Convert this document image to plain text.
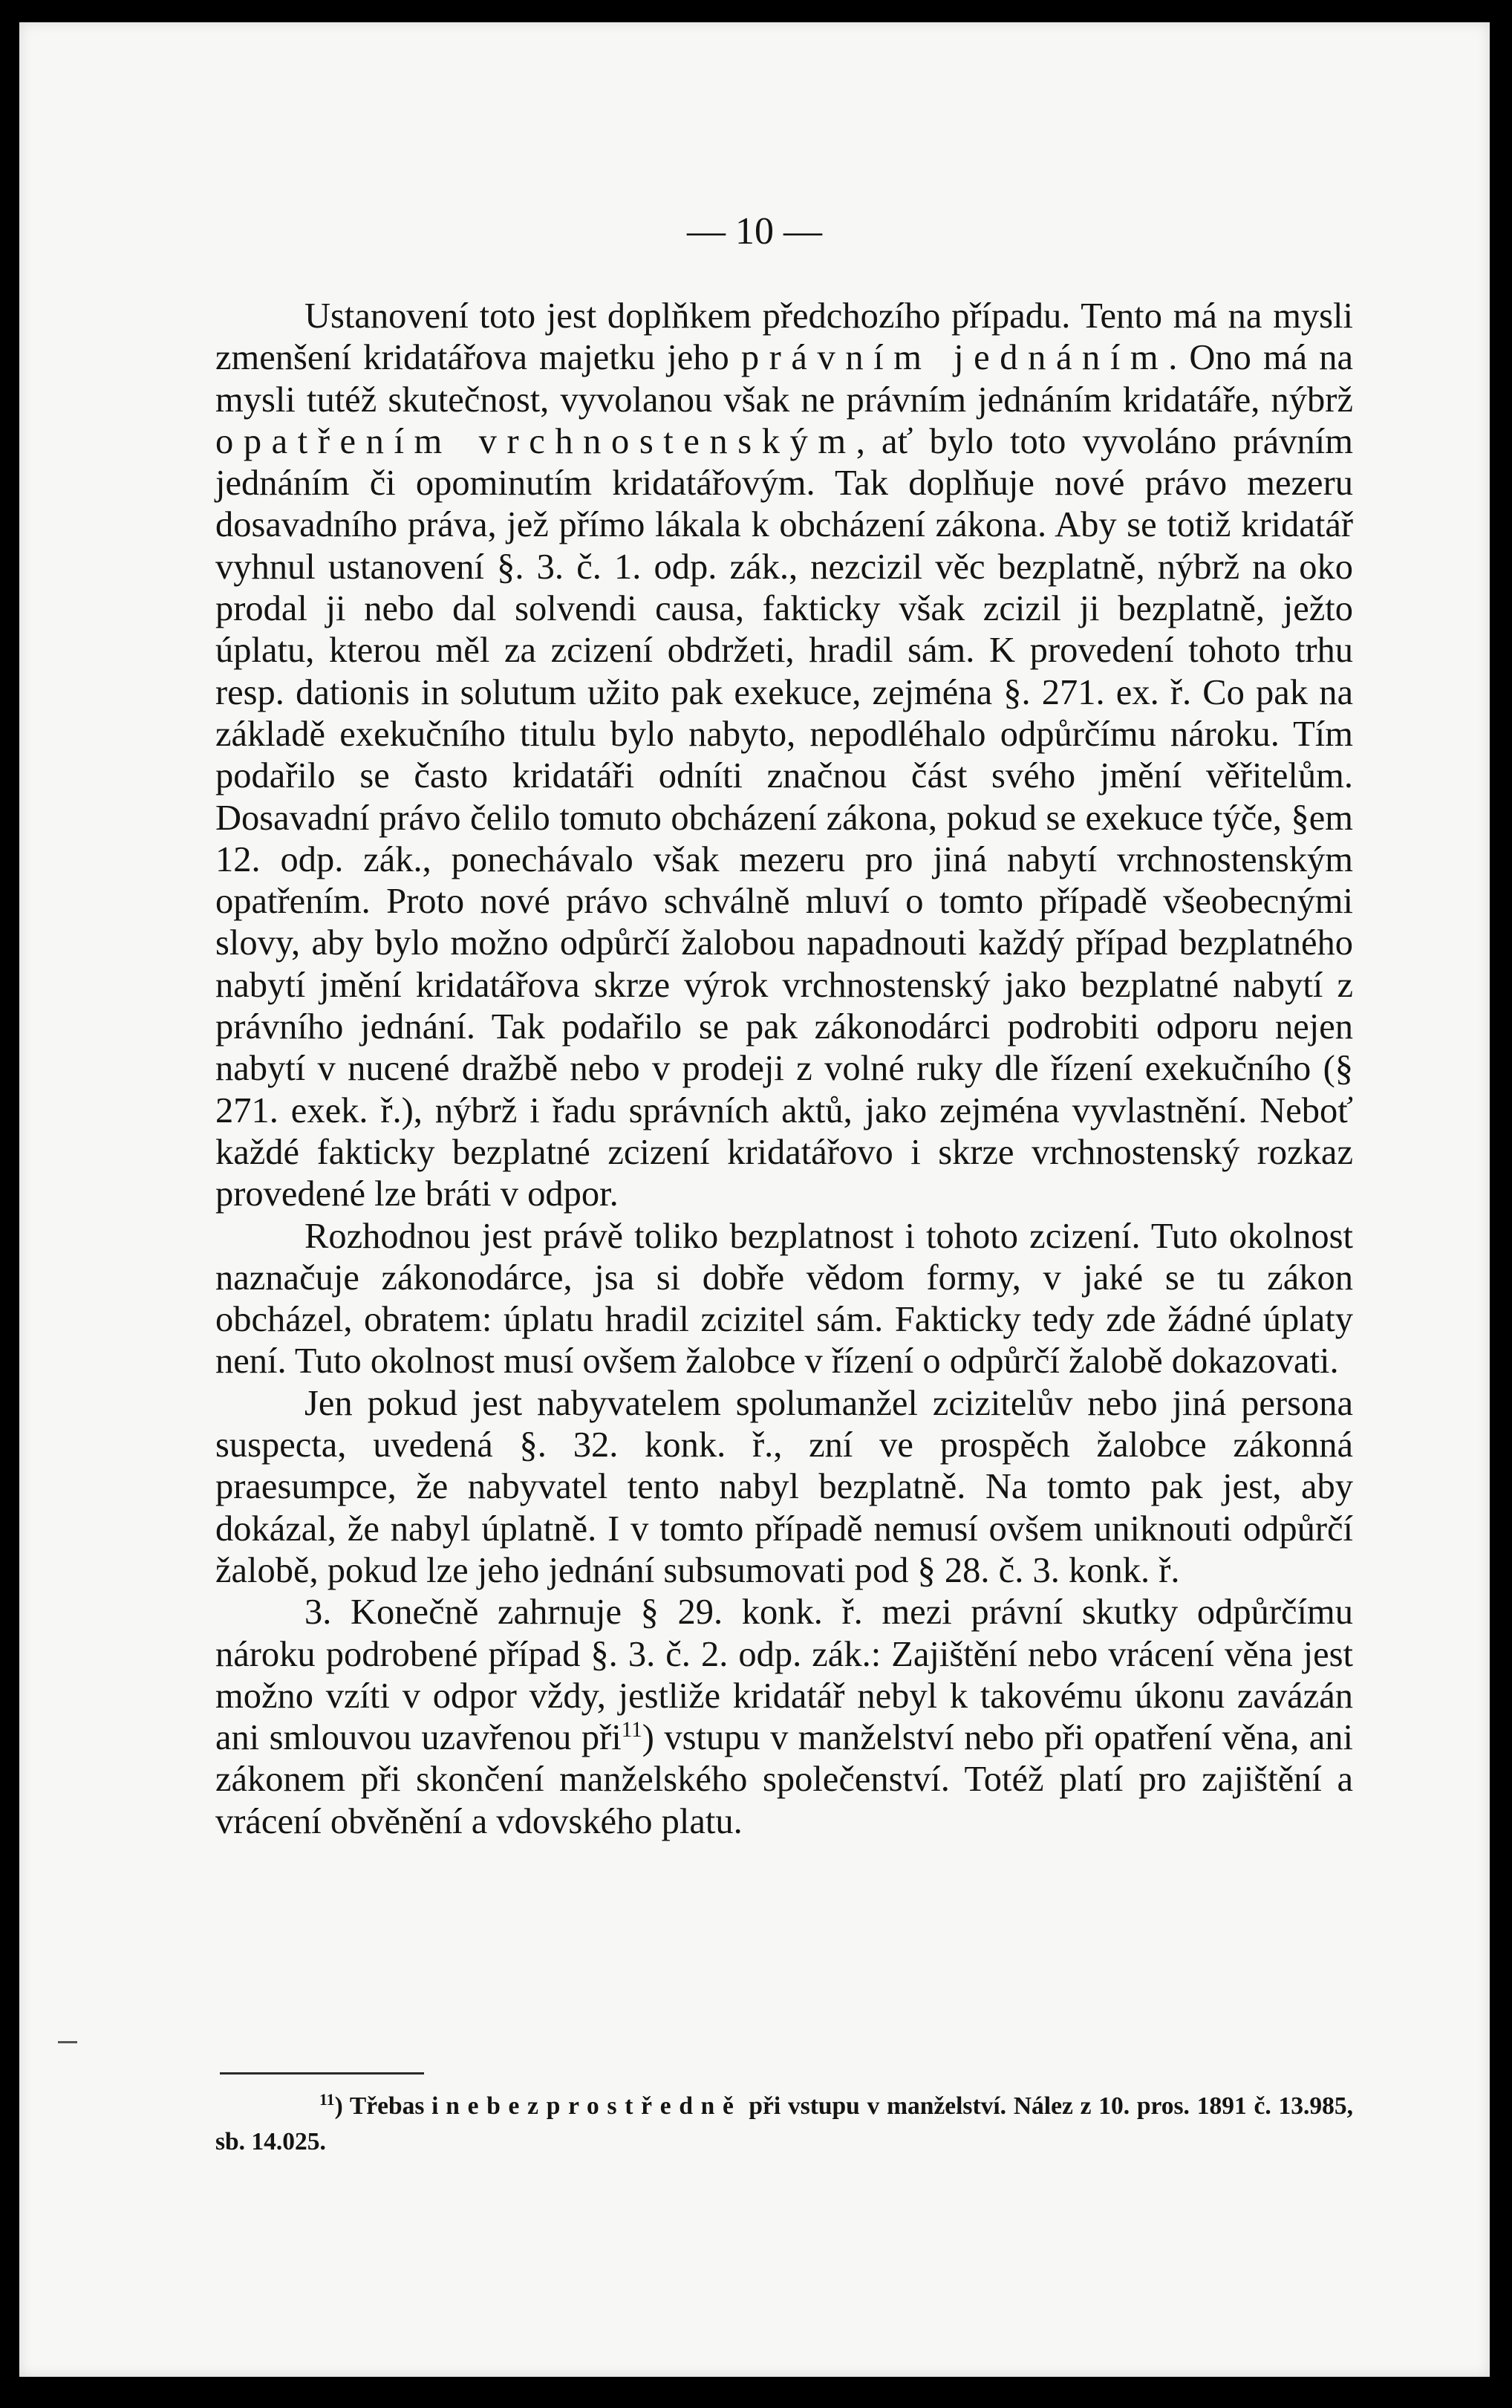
— 10 —

Ustanovení toto jest doplňkem předchozího případu. Tento má na mysli zmenšení kridatářova majetku jeho právním jednáním. Ono má na mysli tutéž skutečnost, vyvolanou však ne právním jednáním kridatáře, nýbrž opatřením vrchnostenským, ať bylo toto vyvoláno právním jednáním či opominutím kridatářovým. Tak doplňuje nové právo mezeru dosavadního práva, jež přímo lákala k obcházení zákona. Aby se totiž kridatář vyhnul ustanovení §. 3. č. 1. odp. zák., nezcizil věc bezplatně, nýbrž na oko prodal ji nebo dal solvendi causa, fakticky však zcizil ji bezplatně, ježto úplatu, kterou měl za zcizení obdržeti, hradil sám. K provedení tohoto trhu resp. dationis in solutum užito pak exekuce, zejména §. 271. ex. ř. Co pak na základě exekučního titulu bylo nabyto, nepodléhalo odpůrčímu nároku. Tím podařilo se často kridatáři odníti značnou část svého jmění věřitelům. Dosavadní právo čelilo tomuto obcházení zákona, pokud se exekuce týče, §em 12. odp. zák., ponechávalo však mezeru pro jiná nabytí vrchnostenským opatřením. Proto nové právo schválně mluví o tomto případě všeobecnými slovy, aby bylo možno odpůrčí žalobou napadnouti každý případ bezplatného nabytí jmění kridatářova skrze výrok vrchnostenský jako bezplatné nabytí z právního jednání. Tak podařilo se pak zákonodárci podrobiti odporu nejen nabytí v nucené dražbě nebo v prodeji z volné ruky dle řízení exekučního (§ 271. exek. ř.), nýbrž i řadu správních aktů, jako zejména vyvlastnění. Neboť každé fakticky bezplatné zcizení kridatářovo i skrze vrchnostenský rozkaz provedené lze bráti v odpor.

Rozhodnou jest právě toliko bezplatnost i tohoto zcizení. Tuto okolnost naznačuje zákonodárce, jsa si dobře vědom formy, v jaké se tu zákon obcházel, obratem: úplatu hradil zcizitel sám. Fakticky tedy zde žádné úplaty není. Tuto okolnost musí ovšem žalobce v řízení o odpůrčí žalobě dokazovati.

Jen pokud jest nabyvatelem spolumanžel zcizitelův nebo jiná persona suspecta, uvedená §. 32. konk. ř., zní ve prospěch žalobce zákonná praesumpce, že nabyvatel tento nabyl bezplatně. Na tomto pak jest, aby dokázal, že nabyl úplatně. I v tomto případě nemusí ovšem uniknouti odpůrčí žalobě, pokud lze jeho jednání subsumovati pod § 28. č. 3. konk. ř.

3. Konečně zahrnuje § 29. konk. ř. mezi právní skutky odpůrčímu nároku podrobené případ §. 3. č. 2. odp. zák.: Zajištění nebo vrácení věna jest možno vzíti v odpor vždy, jestliže kridatář nebyl k takovému úkonu zavázán ani smlouvou uzavřenou při$^{11}$) vstupu v manželství nebo při opatření věna, ani zákonem při skončení manželského společenství. Totéž platí pro zajištění a vrácení obvěnění a vdovského platu.

$^{11}$) Třebas i nebezprostředně při vstupu v manželství. Nález z 10. pros. 1891 č. 13.985, sb. 14.025.
